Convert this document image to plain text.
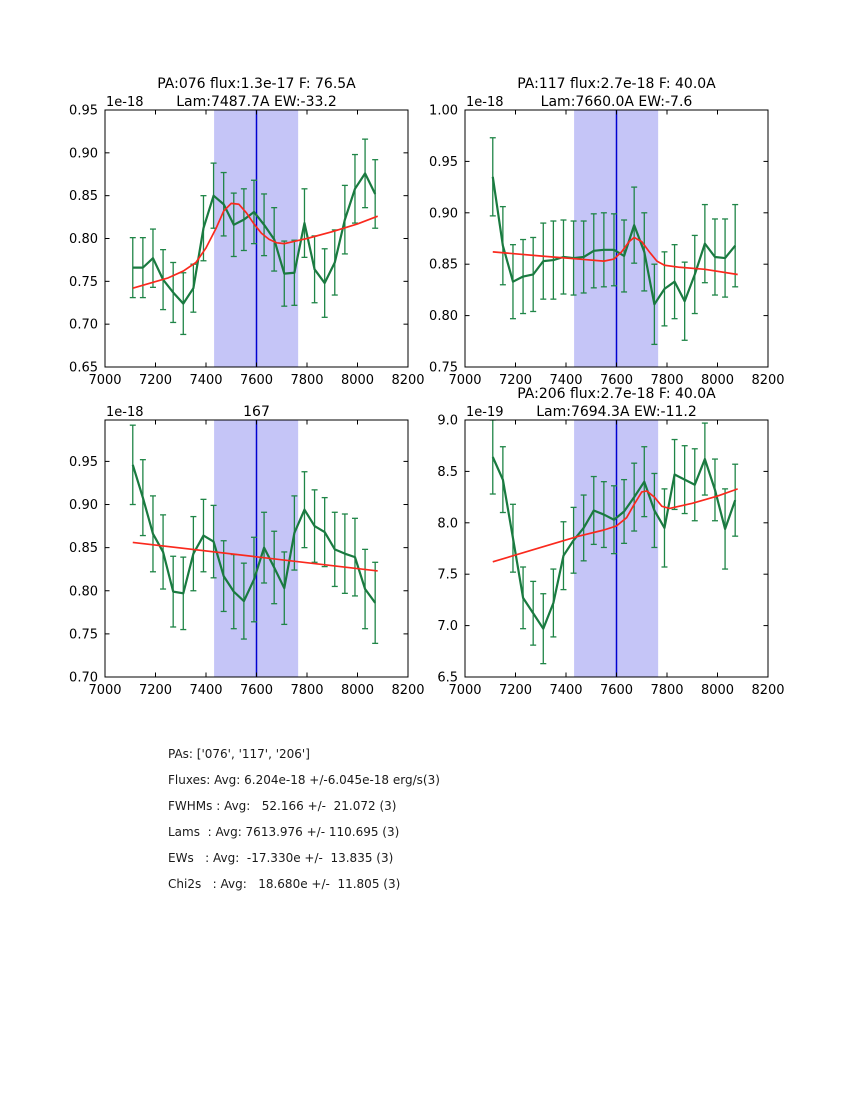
7000 7200 7400 7600 7800 8000 8200
0.65
0.70
0.75
0.80
0.85
0.90
0.95
PA:076 flux:1.3e-17 F: 76.5A
Lam:7487.7A EW:-33.2
1e-18
7000 7200 7400 7600 7800 8000 8200
0.75
0.80
0.85
0.90
0.95
1.00
PA:117 flux:2.7e-18 F: 40.0A
Lam:7660.0A EW:-7.6
1e-18
7000 7200 7400 7600 7800 8000 8200
0.70
0.75
0.80
0.85
0.90
0.95
167
1e-18
7000 7200 7400 7600 7800 8000 8200
6.5
7.0
7.5
8.0
8.5
9.0
PA:206 flux:2.7e-18 F: 40.0A
Lam:7694.3A EW:-11.2
1e-19
PAs: ['076', '117', '206']
Fluxes: Avg: 6.204e-18 +/-6.045e-18 erg/s(3)
FWHMs : Avg:   52.166 +/-  21.072 (3)
Lams  : Avg: 7613.976 +/- 110.695 (3)
EWs   : Avg:  -17.330e +/-  13.835 (3)
Chi2s   : Avg:   18.680e +/-  11.805 (3)
